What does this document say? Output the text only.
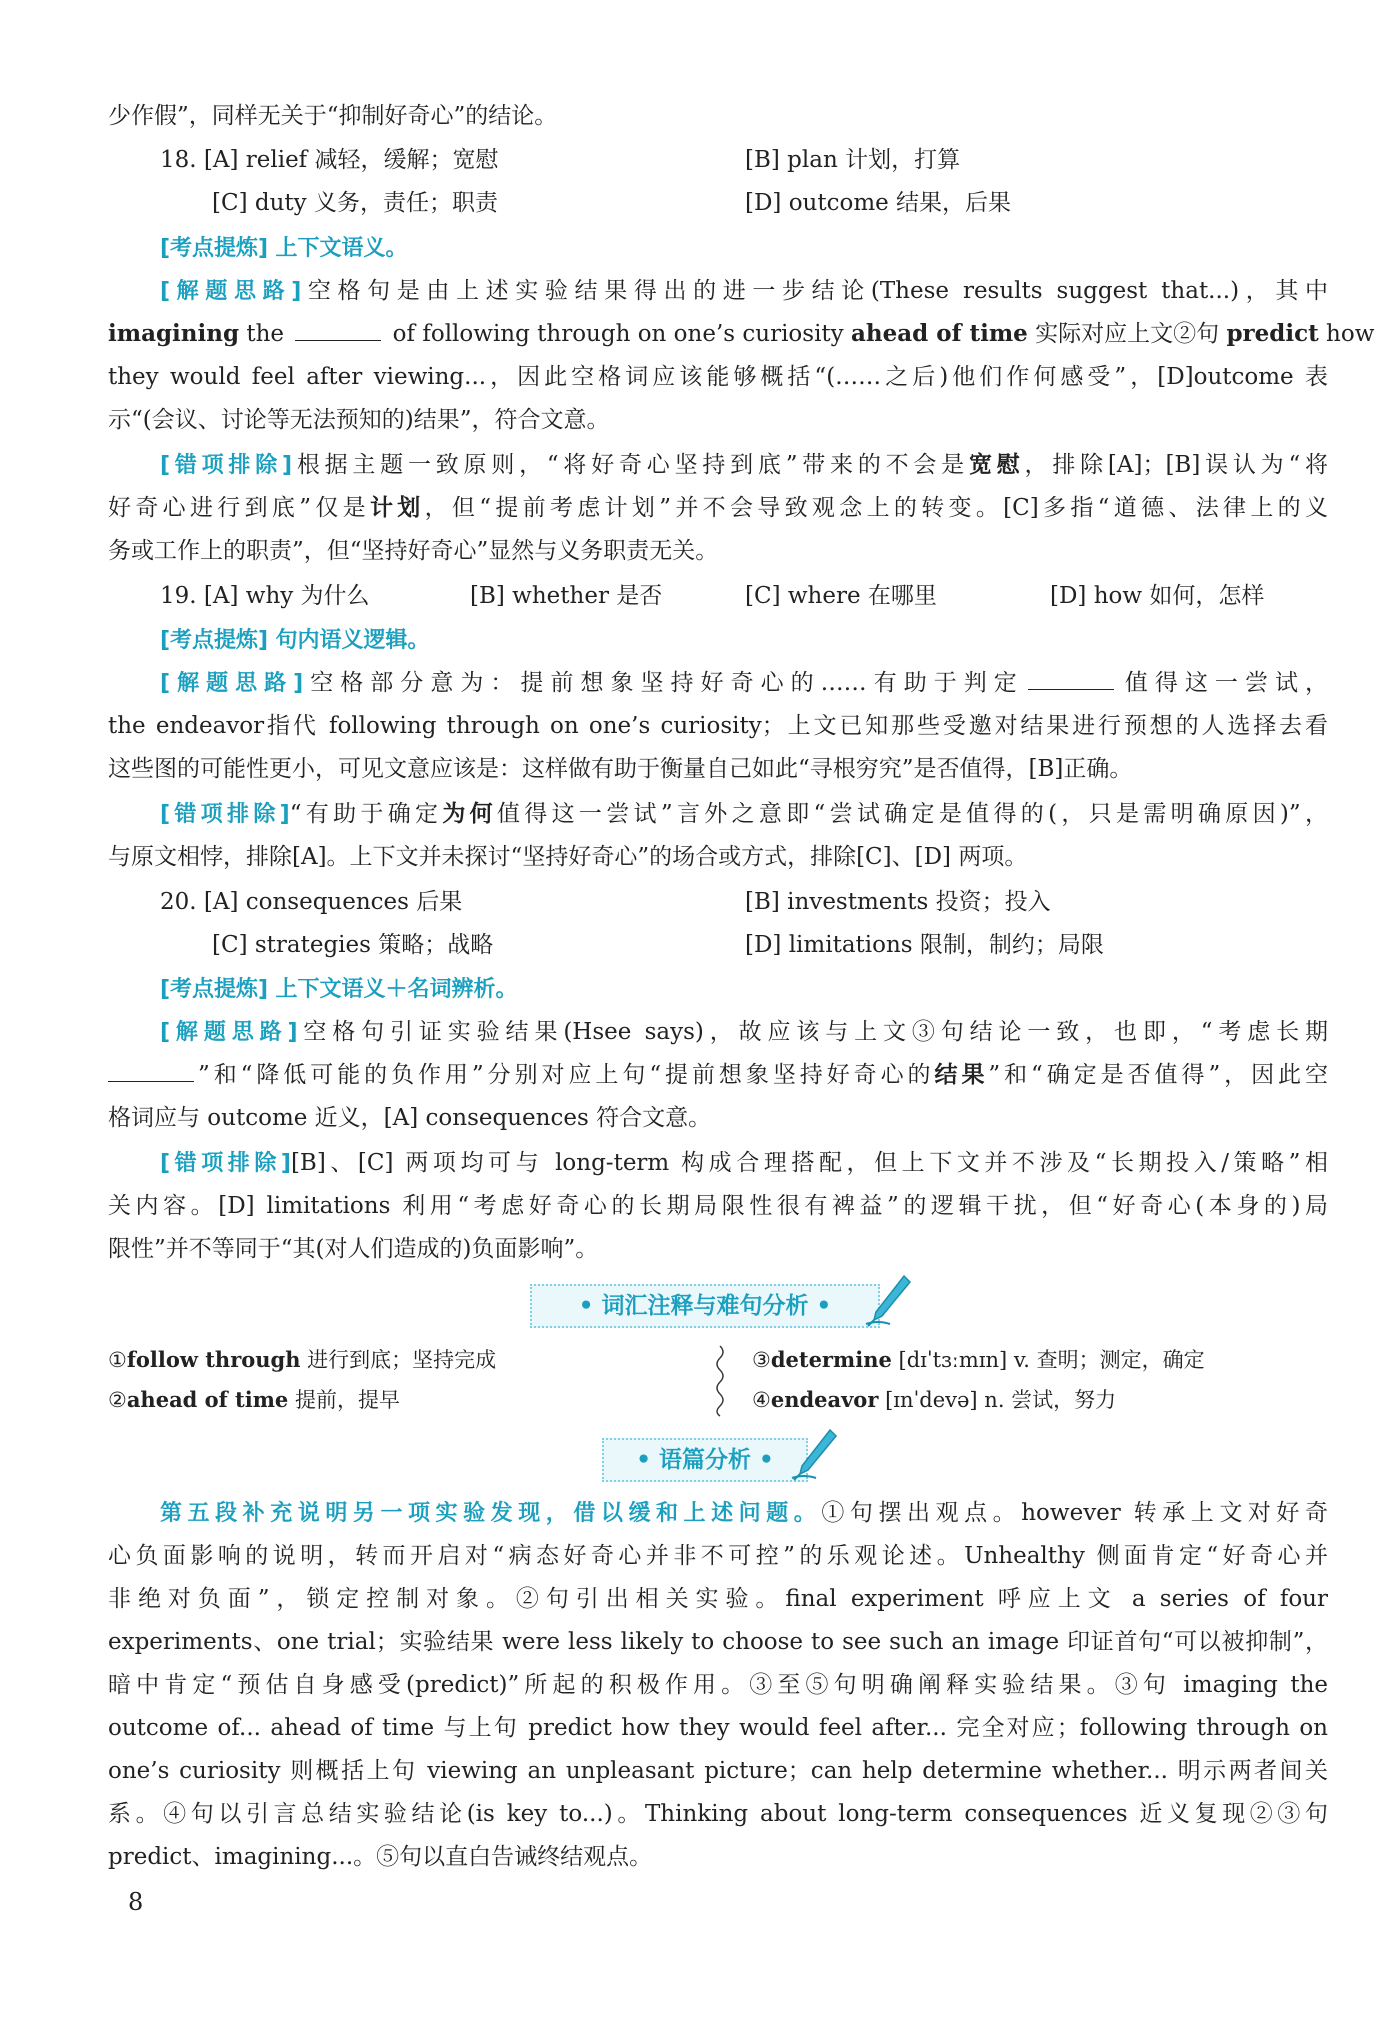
少作假”，同样无关于“抑制好奇心”的结论。
18. [A] relief 减轻，缓解；宽慰	[B] plan 计划，打算
[C] duty 义务，责任；职责	[D] outcome 结果，后果
[考点提炼] 上下文语义。
[解题思路]空格句是由上述实验结果得出的进一步结论(These results suggest that...)，其中
imagining the	of following through on one’s curiosity ahead of time 实际对应上文②句 predict how
they would feel after viewing...，因此空格词应该能够概括“(……之后)他们作何感受”，[D]outcome 表
示“(会议、讨论等无法预知的)结果”，符合文意。
[错项排除]根据主题一致原则，“将好奇心坚持到底”带来的不会是宽慰，排除[A]；[B]误认为“将
好奇心进行到底”仅是计划，但“提前考虑计划”并不会导致观念上的转变。[C]多指“道德、法律上的义
务或工作上的职责”，但“坚持好奇心”显然与义务职责无关。
19. [A] why 为什么	[B] whether 是否	[C] where 在哪里	[D] how 如何，怎样
[考点提炼] 句内语义逻辑。
[解题思路]空格部分意为：提前想象坚持好奇心的……有助于判定	值得这一尝试，
the endeavor指代 following through on one’s curiosity；上文已知那些受邀对结果进行预想的人选择去看
这些图的可能性更小，可见文意应该是：这样做有助于衡量自己如此“寻根穷究”是否值得，[B]正确。
[错项排除]“有助于确定为何值得这一尝试”言外之意即“尝试确定是值得的(，只是需明确原因)”，
与原文相悖，排除[A]。上下文并未探讨“坚持好奇心”的场合或方式，排除[C]、[D] 两项。
20. [A] consequences 后果	[B] investments 投资；投入
[C] strategies 策略；战略	[D] limitations 限制，制约；局限
[考点提炼] 上下文语义＋名词辨析。
[解题思路]空格句引证实验结果(Hsee says)，故应该与上文③句结论一致，也即，“考虑长期
”和“降低可能的负作用”分别对应上句“提前想象坚持好奇心的结果”和“确定是否值得”，因此空
格词应与 outcome 近义，[A] consequences 符合文意。
[错项排除][B]、[C] 两项均可与 long-term 构成合理搭配，但上下文并不涉及“长期投入/策略”相
关内容。[D] limitations 利用“考虑好奇心的长期局限性很有裨益”的逻辑干扰，但“好奇心(本身的)局
限性”并不等同于“其(对人们造成的)负面影响”。
• 词汇注释与难句分析 •
①follow through 进行到底；坚持完成
②ahead of time 提前，提早
③determine [dɪˈtɜːmɪn] v. 查明；测定，确定
④endeavor [ɪnˈdevə] n. 尝试，努力
• 语篇分析 •
第五段补充说明另一项实验发现，借以缓和上述问题。①句摆出观点。however 转承上文对好奇
心负面影响的说明，转而开启对“病态好奇心并非不可控”的乐观论述。Unhealthy 侧面肯定“好奇心并
非绝对负面”，锁定控制对象。②句引出相关实验。final experiment 呼应上文 a series of four
experiments、one trial；实验结果 were less likely to choose to see such an image 印证首句“可以被抑制”，
暗中肯定“预估自身感受(predict)”所起的积极作用。③至⑤句明确阐释实验结果。③句 imaging the
outcome of... ahead of time 与上句 predict how they would feel after... 完全对应；following through on
one’s curiosity 则概括上句 viewing an unpleasant picture；can help determine whether... 明示两者间关
系。④句以引言总结实验结论(is key to...)。Thinking about long-term consequences 近义复现②③句
predict、imagining...。⑤句以直白告诫终结观点。
8
